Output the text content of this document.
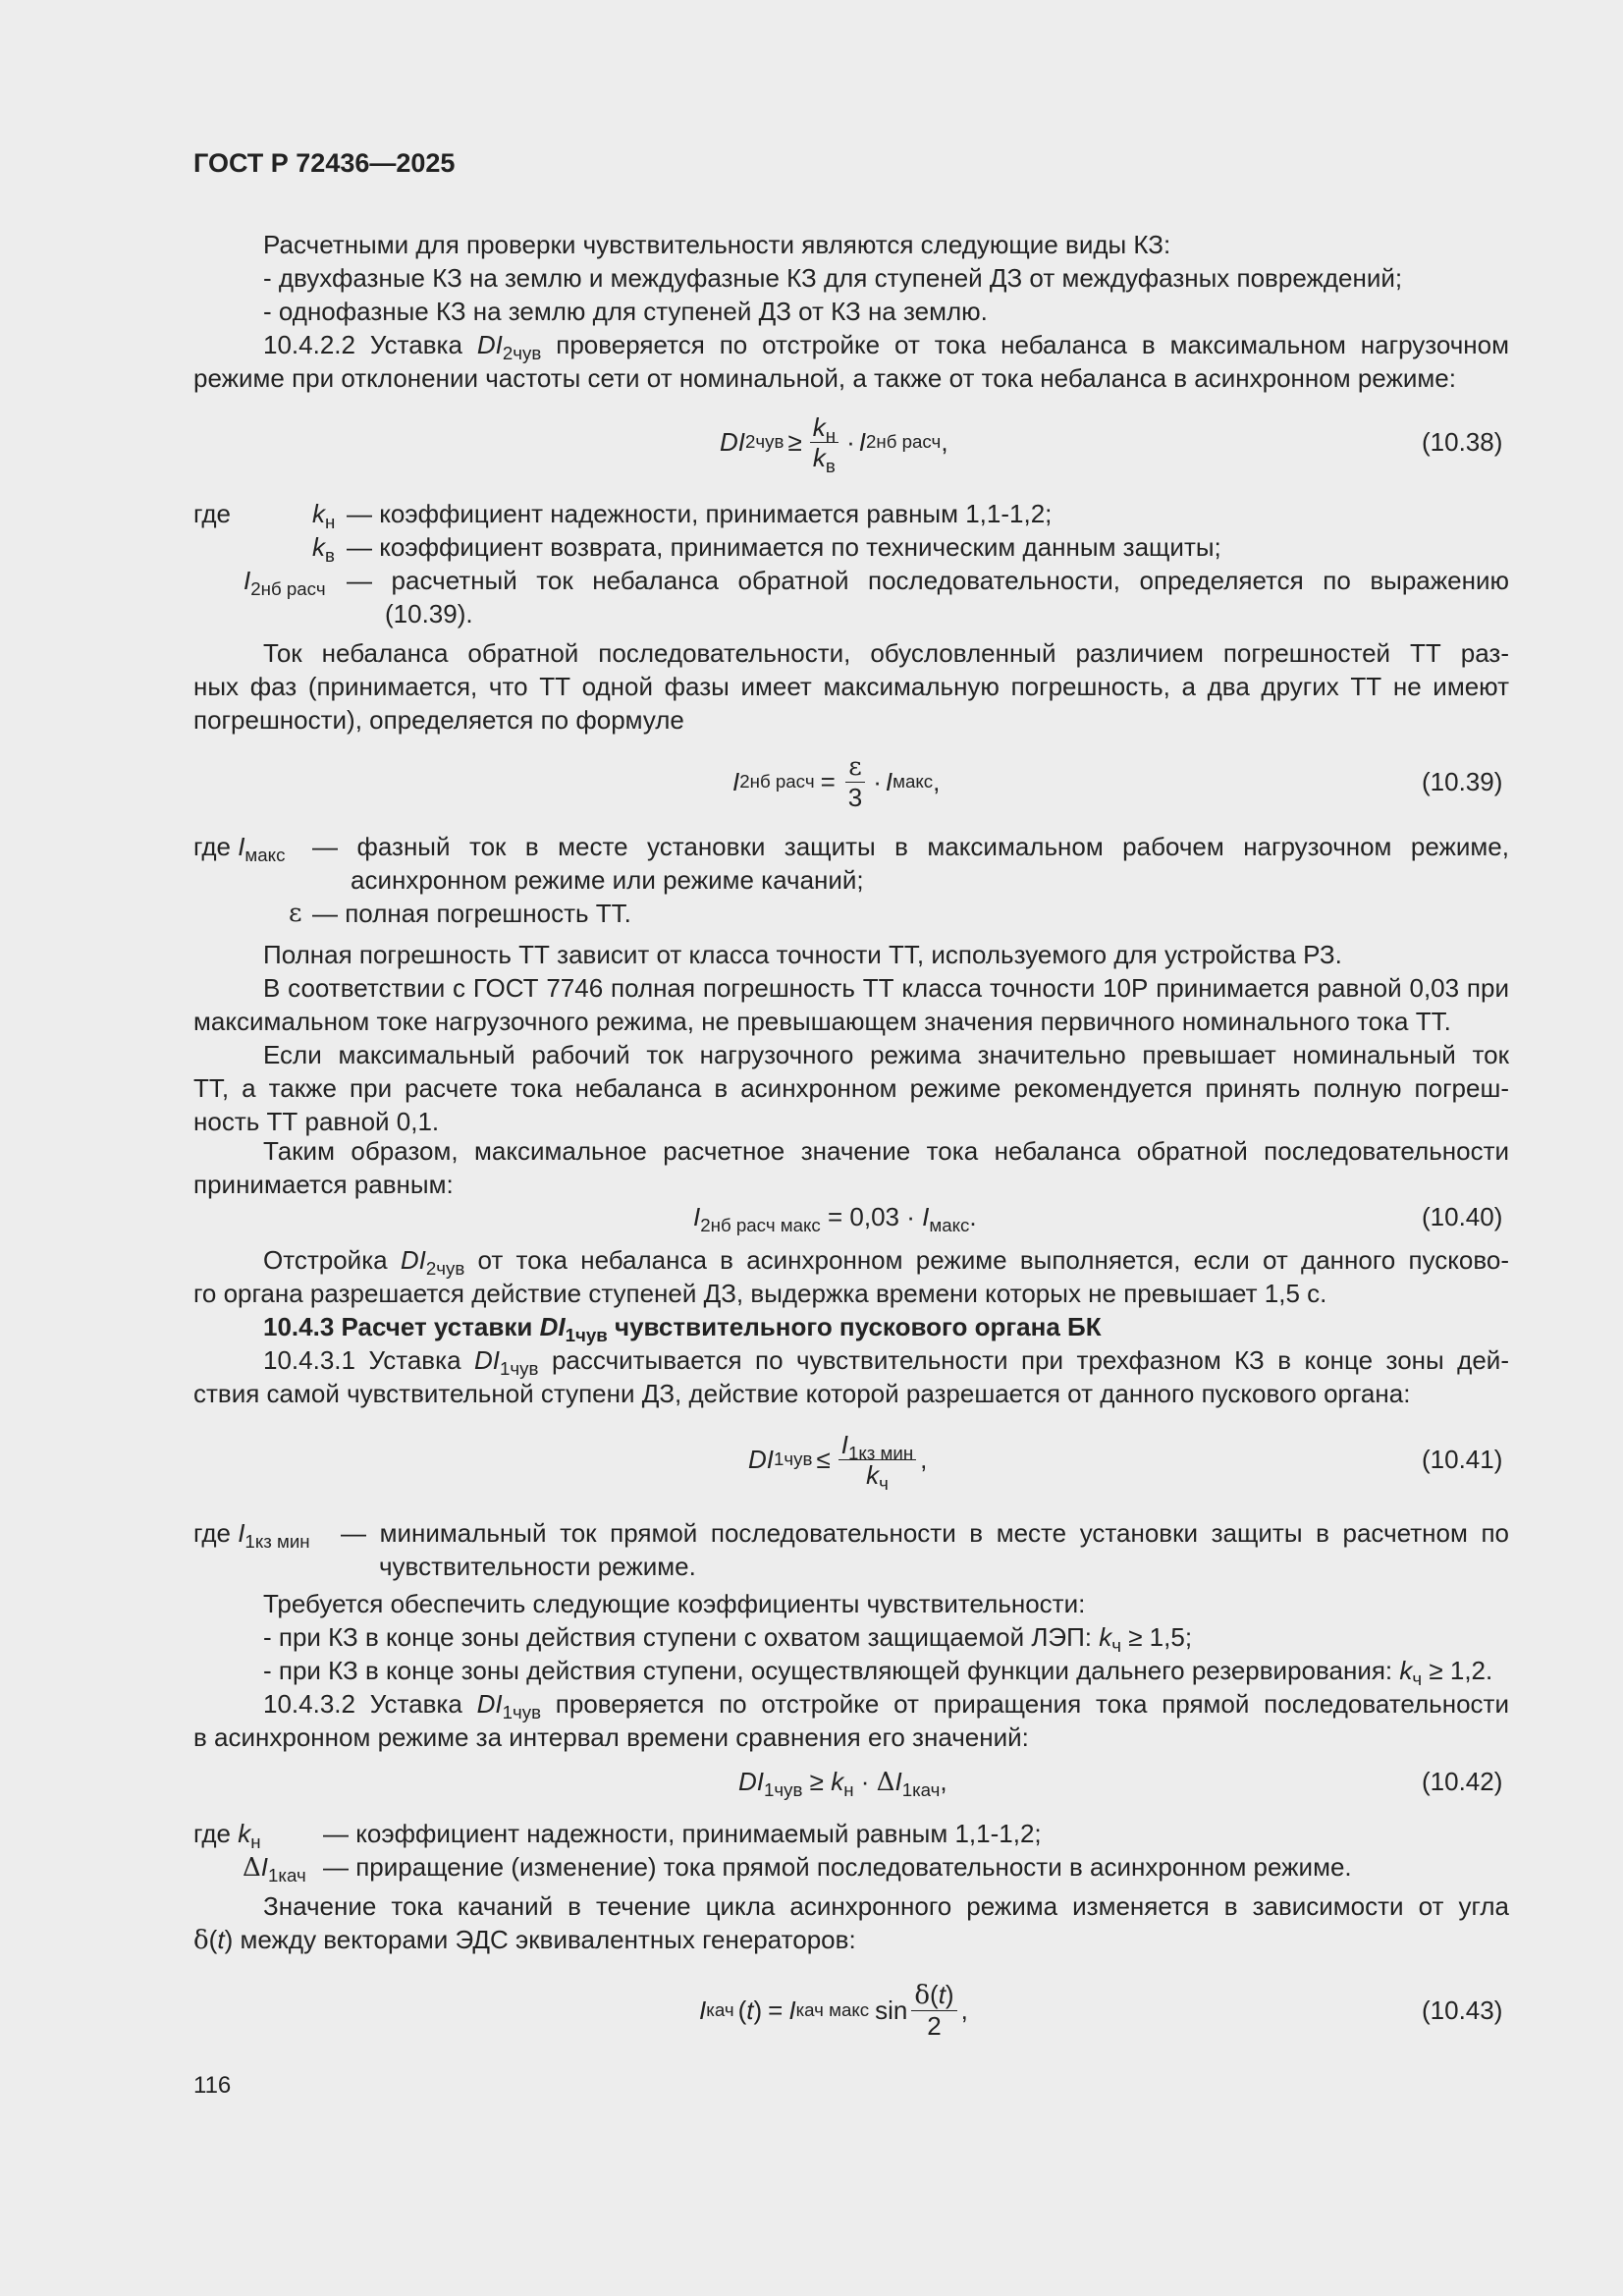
ГОСТ Р 72436—2025
Расчетными для проверки чувствительности являются следующие виды КЗ:
- двухфазные КЗ на землю и междуфазные КЗ для ступеней ДЗ от междуфазных повреждений;
- однофазные КЗ на землю для ступеней ДЗ от КЗ на землю.
10.4.2.2 Уставка $DI_{2чув}$ проверяется по отстройке от тока небаланса в максимальном нагрузочном
режиме при отклонении частоты сети от номинальной, а также от тока небаланса в асинхронном режиме:
DI $2чув \ge \frac{k_н}{k_в} \cdot I$ 2нб расч ,	(10.38)
где	$k_н$ — коэффициент надежности, принимается равным 1,1-1,2;
$k_в$ — коэффициент возврата, принимается по техническим данным защиты;
$I_{2нб расч}$ — расчетный ток небаланса обратной последовательности, определяется по выражению
(10.39).
Ток небаланса обратной последовательности, обусловленный различием погрешностей ТТ раз-
ных фаз (принимается, что ТТ одной фазы имеет максимальную погрешность, а два других ТТ не имеют
погрешности), определяется по формуле
I 2нб расч = $\frac{\varepsilon}{3} \cdot I$ макс ,	(10.39)
где $I_{макс}$ — фазный ток в месте установки защиты в максимальном рабочем нагрузочном режиме,
асинхронном режиме или режиме качаний;
ε — полная погрешность ТТ.
Полная погрешность ТТ зависит от класса точности ТТ, используемого для устройства РЗ.
В соответствии с ГОСТ 7746 полная погрешность ТТ класса точности 10Р принимается равной 0,03 при
максимальном токе нагрузочного режима, не превышающем значения первичного номинального тока ТТ.
Если максимальный рабочий ток нагрузочного режима значительно превышает номинальный ток
ТТ, а также при расчете тока небаланса в асинхронном режиме рекомендуется принять полную погреш-
ность ТТ равной 0,1.
Таким образом, максимальное расчетное значение тока небаланса обратной последовательности
принимается равным:
$I_{2нб расч макс} = 0,03 \cdot I_{макс}$.	(10.40)
Отстройка $DI_{2чув}$ от тока небаланса в асинхронном режиме выполняется, если от данного пусково-
го органа разрешается действие ступеней ДЗ, выдержка времени которых не превышает 1,5 с.
10.4.3 Расчет уставки $DI_{1чув}$ чувствительного пускового органа БК
10.4.3.1 Уставка $DI_{1чув}$ рассчитывается по чувствительности при трехфазном КЗ в конце зоны дей-
ствия самой чувствительной ступени ДЗ, действие которой разрешается от данного пускового органа:
DI $1чув \le \frac{I_{1кз мин}}{k_ч}$ ,	(10.41)
где $I_{1кз мин}$ — минимальный ток прямой последовательности в месте установки защиты в расчетном по
чувствительности режиме.
Требуется обеспечить следующие коэффициенты чувствительности:
- при КЗ в конце зоны действия ступени с охватом защищаемой ЛЭП: $k_ч \ge 1,5$;
- при КЗ в конце зоны действия ступени, осуществляющей функции дальнего резервирования: $k_ч \ge 1,2$.
10.4.3.2 Уставка $DI_{1чув}$ проверяется по отстройке от приращения тока прямой последовательности
в асинхронном режиме за интервал времени сравнения его значений:
$DI_{1чув} \ge k_н \cdot \Delta I_{1кач}$,	(10.42)
где $k_н$ — коэффициент надежности, принимаемый равным 1,1-1,2;
$\Delta I_{1кач}$ — приращение (изменение) тока прямой последовательности в асинхронном режиме.
Значение тока качаний в течение цикла асинхронного режима изменяется в зависимости от угла
δ(t) между векторами ЭДС эквивалентных генераторов:
I кач ( t ) = I кач макс $\sin \frac{\delta(t)}{2}$ ,	(10.43)
116
